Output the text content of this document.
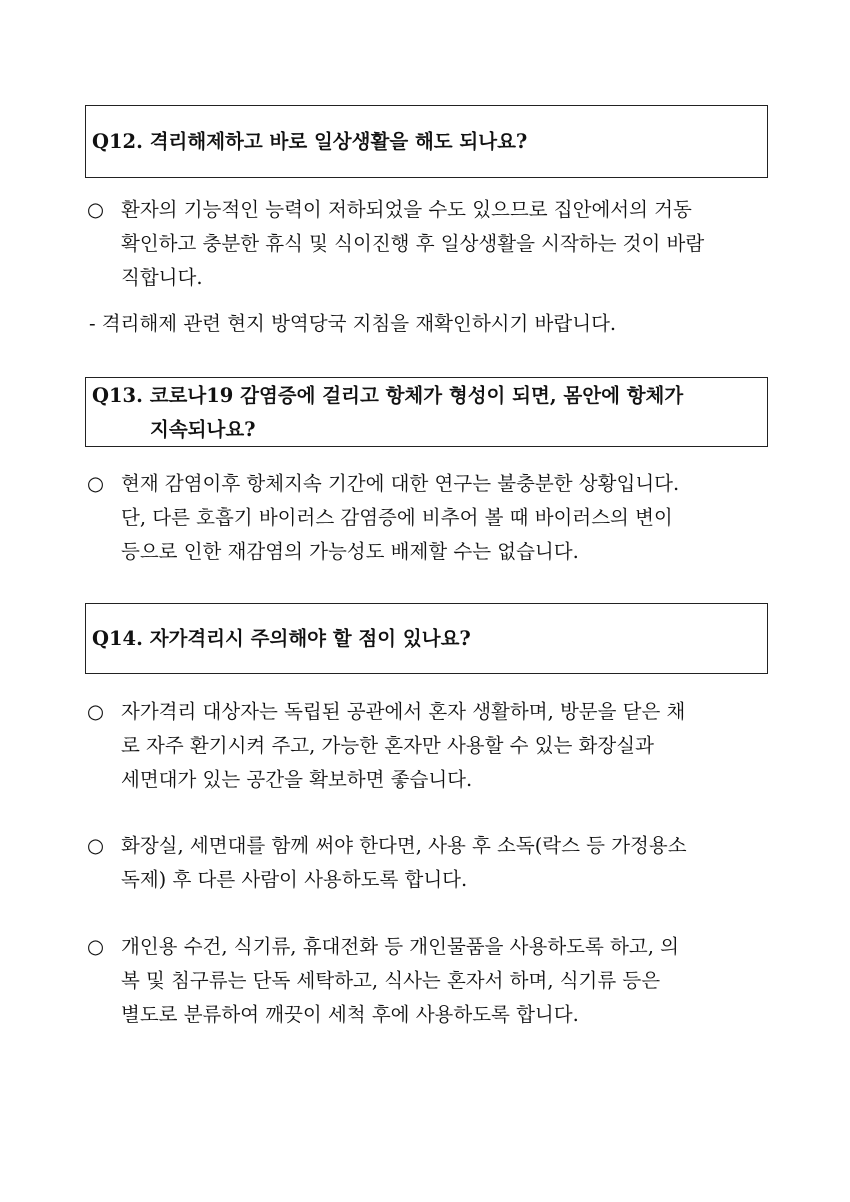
Q12. 격리해제하고 바로 일상생활을 해도 되나요?
○ 환자의 기능적인 능력이 저하되었을 수도 있으므로 집안에서의 거동
확인하고 충분한 휴식 및 식이진행 후 일상생활을 시작하는 것이 바람
직합니다.
- 격리해제 관련 현지 방역당국 지침을 재확인하시기 바랍니다.
Q13. 코로나19 감염증에 걸리고 항체가 형성이 되면, 몸안에 항체가
지속되나요?
○ 현재 감염이후 항체지속 기간에 대한 연구는 불충분한 상황입니다.
단, 다른 호흡기 바이러스 감염증에 비추어 볼 때 바이러스의 변이
등으로 인한 재감염의 가능성도 배제할 수는 없습니다.
Q14. 자가격리시 주의해야 할 점이 있나요?
○ 자가격리 대상자는 독립된 공관에서 혼자 생활하며, 방문을 닫은 채
로 자주 환기시켜 주고, 가능한 혼자만 사용할 수 있는 화장실과
세면대가 있는 공간을 확보하면 좋습니다.
○ 화장실, 세면대를 함께 써야 한다면, 사용 후 소독(락스 등 가정용소
독제) 후 다른 사람이 사용하도록 합니다.
○ 개인용 수건, 식기류, 휴대전화 등 개인물품을 사용하도록 하고, 의
복 및 침구류는 단독 세탁하고, 식사는 혼자서 하며, 식기류 등은
별도로 분류하여 깨끗이 세척 후에 사용하도록 합니다.
